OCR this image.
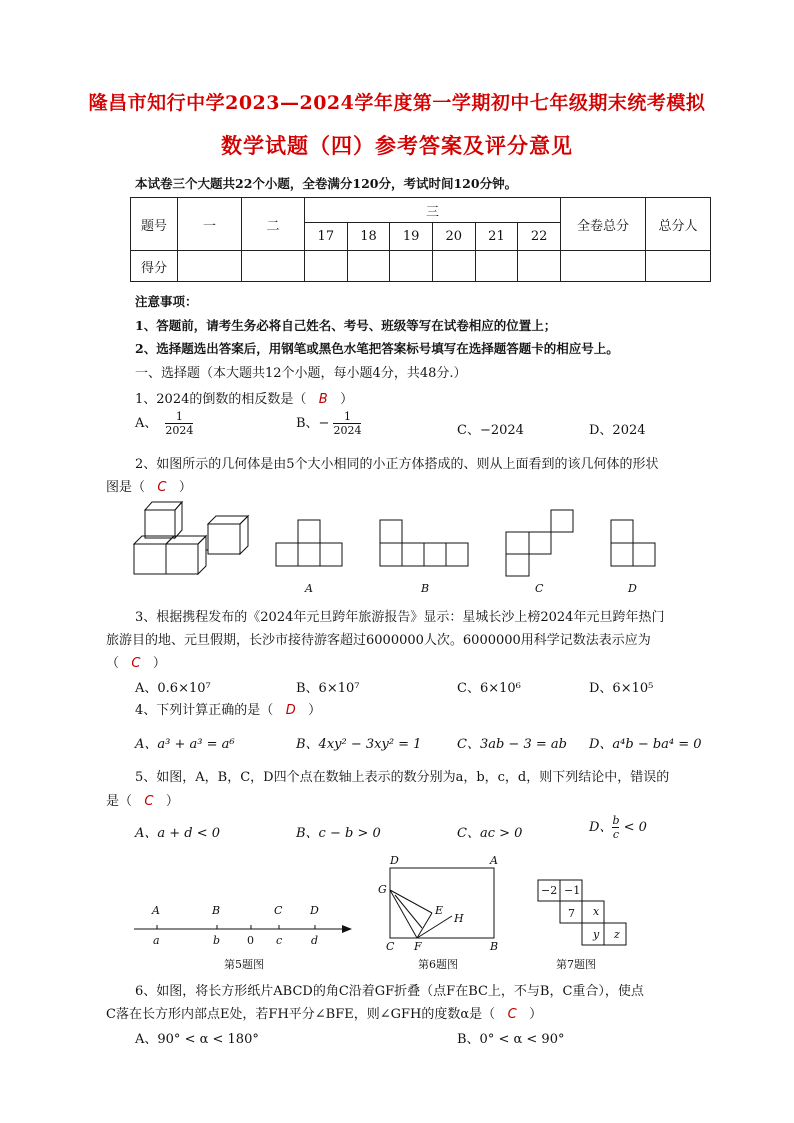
隆昌市知行中学2023—2024学年度第一学期初中七年级期末统考模拟
数学试题（四）参考答案及评分意见
本试卷三个大题共22个小题，全卷满分120分，考试时间120分钟。
题号	一	二	三						全卷总分	总分人
			17	18	19	20	21	22		
得分										
注意事项：
1、答题前，请考生务必将自己姓名、考号、班级等写在试卷相应的位置上；
2、选择题选出答案后，用钢笔或黑色水笔把答案标号填写在选择题答题卡的相应号上。
一、选择题（本大题共12个小题，每小题4分，共48分.）
1、2024的倒数的相反数是（ B ）
A、 $\frac{1}{2024}$	B、− $\frac{1}{2024}$	C、−2024	D、2024
2、如图所示的几何体是由5个大小相同的小正方体搭成的、则从上面看到的该几何体的形状
图是（ C ）
A	B	C	D
3、根据携程发布的《2024年元旦跨年旅游报告》显示：星城长沙上榜2024年元旦跨年热门
旅游目的地、元旦假期，长沙市接待游客超过6000000人次。6000000用科学记数法表示应为
（ C ）
A、0.6×10⁷	B、6×10⁷	C、6×10⁶	D、6×10⁵
4、下列计算正确的是（ D ）
A、a³ + a³ = a⁶	B、4xy² − 3xy² = 1	C、3ab − 3 = ab D、a⁴b − ba⁴ = 0
5、如图，A，B，C，D四个点在数轴上表示的数分别为a，b，c，d，则下列结论中，错误的
是（ C ）
A、a + d < 0	B、c − b > 0	C、ac > 0	D、 $\frac{b}{c} < 0$
A	B	C	D
a	b 0 c	d
D	A
G
E
H
C F	B
−2 −1
7 x
y z
第5题图	第6题图	第7题图
6、如图，将长方形纸片ABCD的角C沿着GF折叠（点F在BC上，不与B，C重合），使点
C落在长方形内部点E处，若FH平分∠BFE，则∠GFH的度数α是（ C ）
A、90° < α < 180°	B、0° < α < 90°
